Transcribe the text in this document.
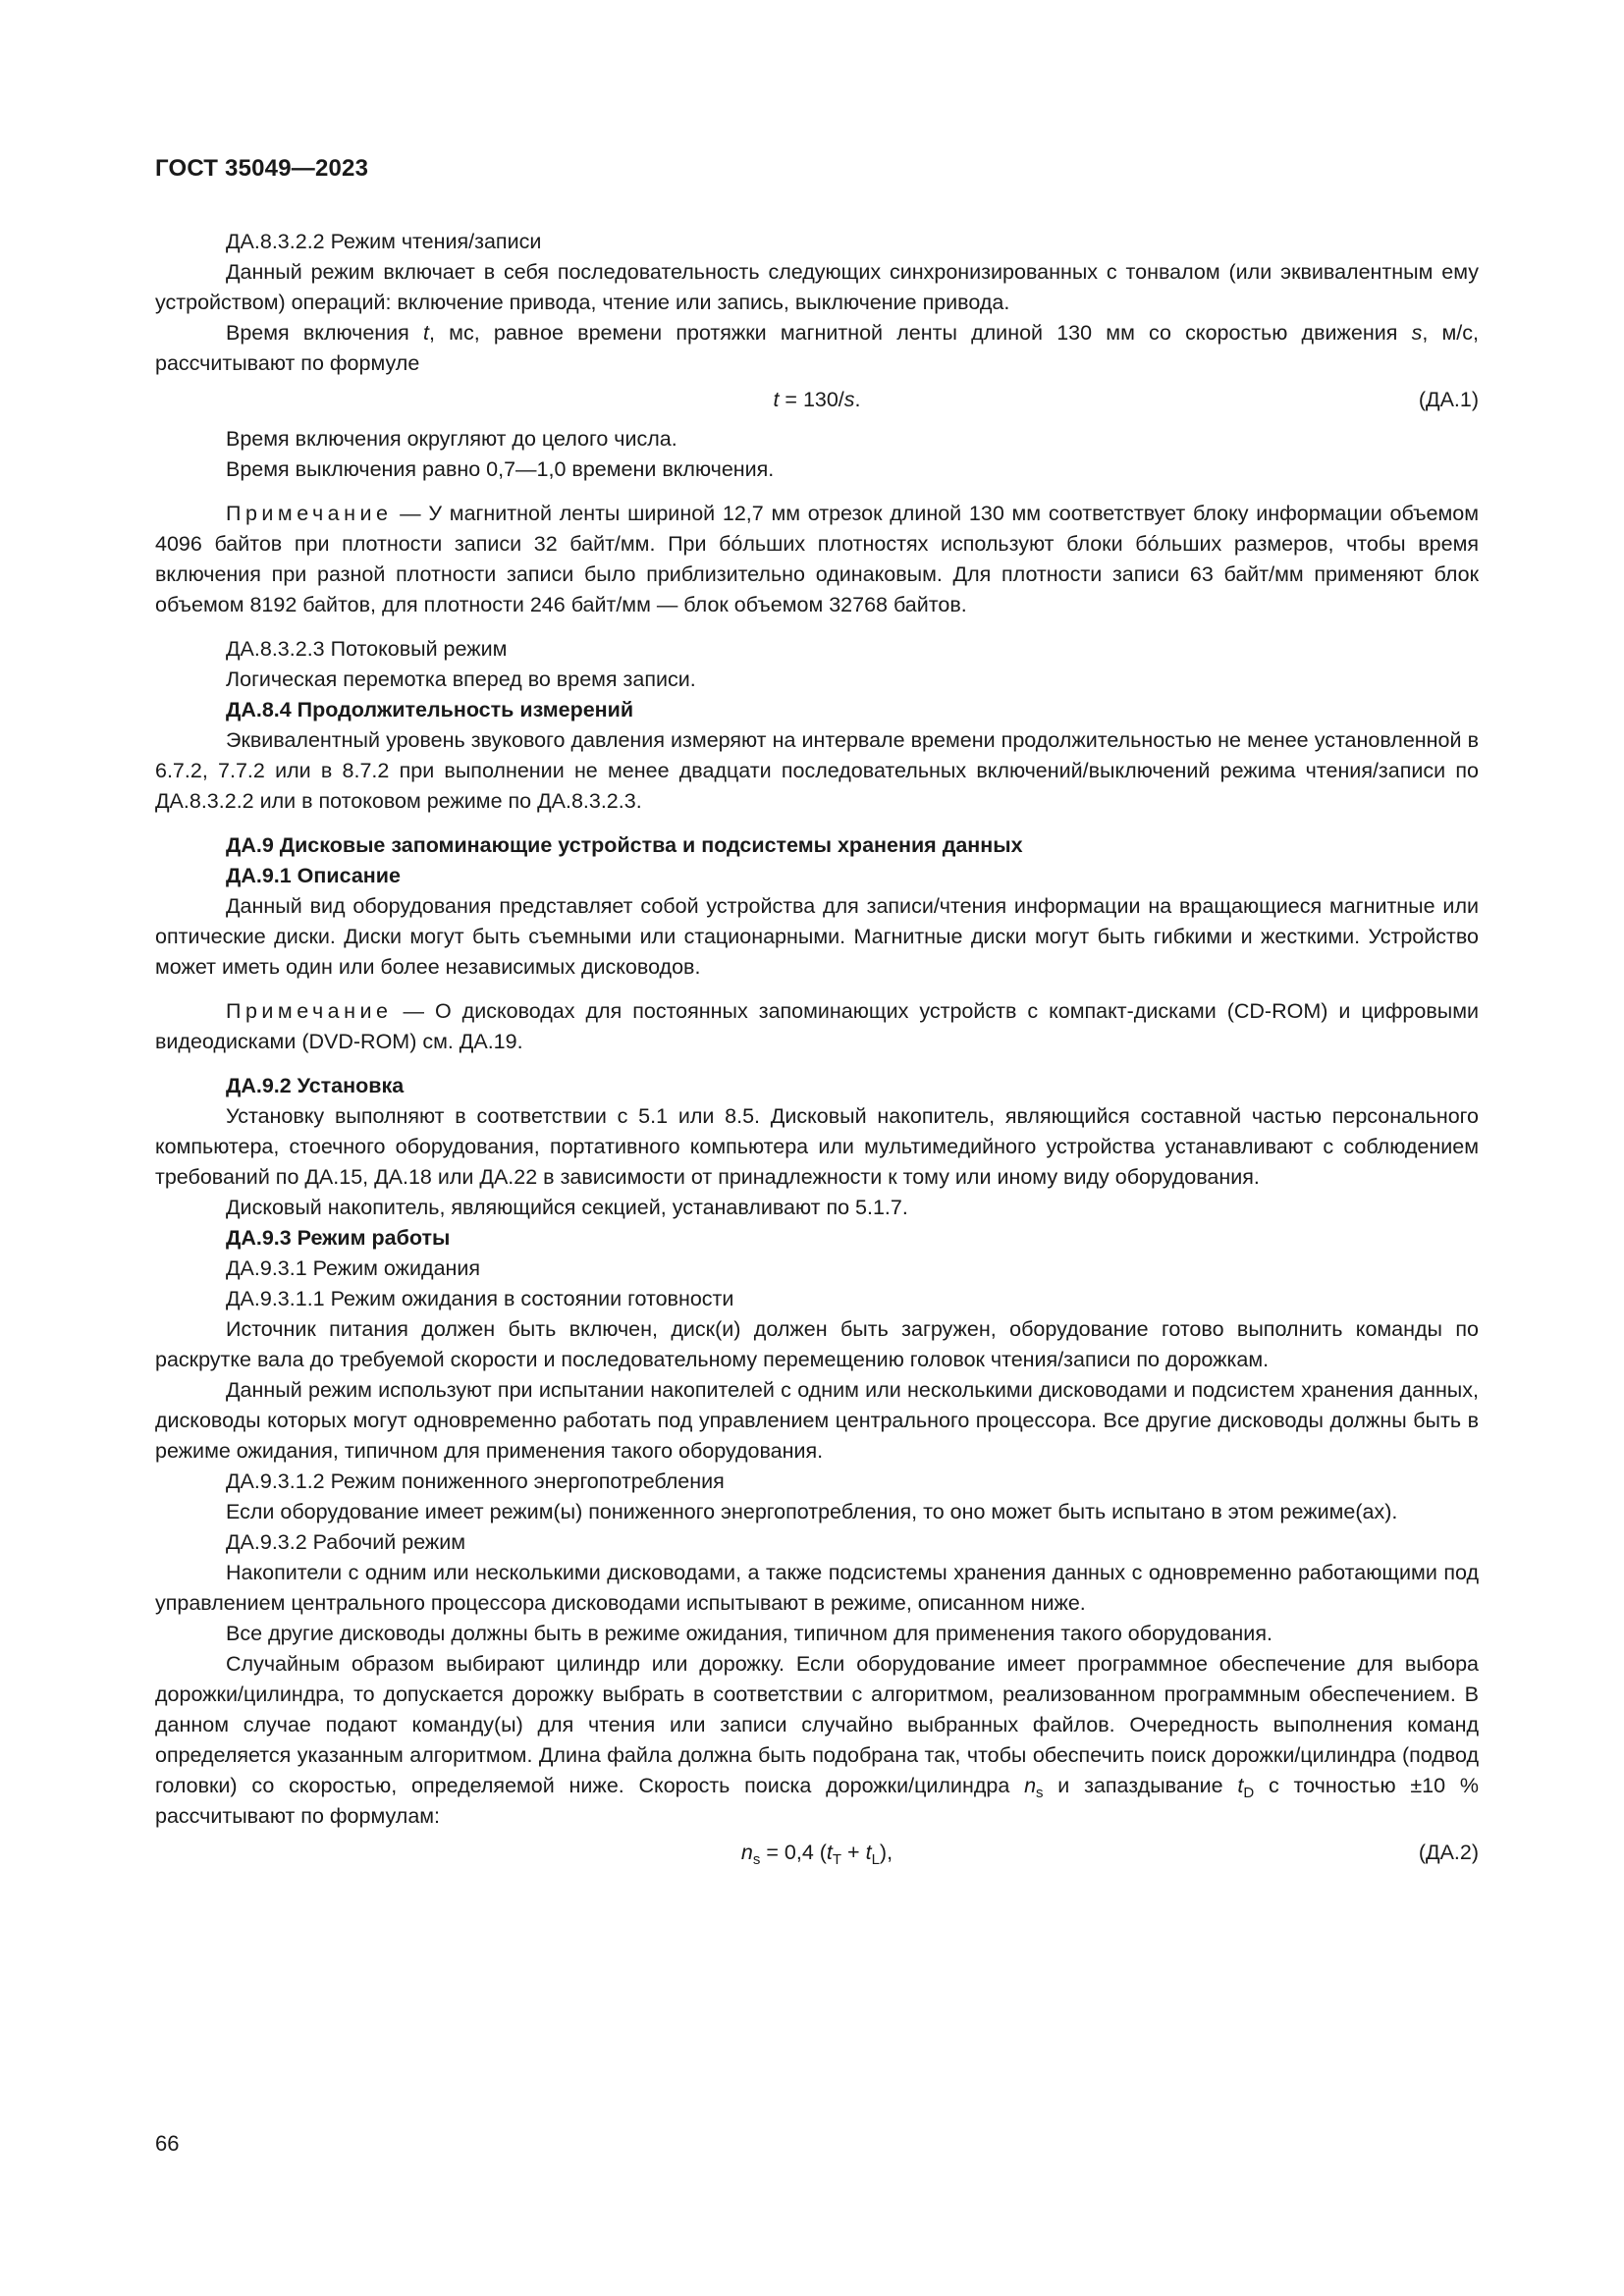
ГОСТ 35049—2023

ДА.8.3.2.2 Режим чтения/записи

Данный режим включает в себя последовательность следующих синхронизированных с тонвалом (или эквивалентным ему устройством) операций: включение привода, чтение или запись, выключение привода.

Время включения t, мс, равное времени протяжки магнитной ленты длиной 130 мм со скоростью движения s, м/с, рассчитывают по формуле

t = 130/s.	(ДА.1)

Время включения округляют до целого числа.

Время выключения равно 0,7—1,0 времени включения.

Примечание — У магнитной ленты шириной 12,7 мм отрезок длиной 130 мм соответствует блоку информации объемом 4096 байтов при плотности записи 32 байт/мм. При бóльших плотностях используют блоки бóльших размеров, чтобы время включения при разной плотности записи было приблизительно одинаковым. Для плотности записи 63 байт/мм применяют блок объемом 8192 байтов, для плотности 246 байт/мм — блок объемом 32768 байтов.

ДА.8.3.2.3 Потоковый режим

Логическая перемотка вперед во время записи.

ДА.8.4 Продолжительность измерений

Эквивалентный уровень звукового давления измеряют на интервале времени продолжительностью не менее установленной в 6.7.2, 7.7.2 или в 8.7.2 при выполнении не менее двадцати последовательных включений/выключений режима чтения/записи по ДА.8.3.2.2 или в потоковом режиме по ДА.8.3.2.3.

ДА.9 Дисковые запоминающие устройства и подсистемы хранения данных

ДА.9.1 Описание

Данный вид оборудования представляет собой устройства для записи/чтения информации на вращающиеся магнитные или оптические диски. Диски могут быть съемными или стационарными. Магнитные диски могут быть гибкими и жесткими. Устройство может иметь один или более независимых дисководов.

Примечание — О дисководах для постоянных запоминающих устройств с компакт-дисками (CD-ROM) и цифровыми видеодисками (DVD-ROM) см. ДА.19.

ДА.9.2 Установка

Установку выполняют в соответствии с 5.1 или 8.5. Дисковый накопитель, являющийся составной частью персонального компьютера, стоечного оборудования, портативного компьютера или мультимедийного устройства устанавливают с соблюдением требований по ДА.15, ДА.18 или ДА.22 в зависимости от принадлежности к тому или иному виду оборудования.

Дисковый накопитель, являющийся секцией, устанавливают по 5.1.7.

ДА.9.3 Режим работы

ДА.9.3.1 Режим ожидания

ДА.9.3.1.1 Режим ожидания в состоянии готовности

Источник питания должен быть включен, диск(и) должен быть загружен, оборудование готово выполнить команды по раскрутке вала до требуемой скорости и последовательному перемещению головок чтения/записи по дорожкам.

Данный режим используют при испытании накопителей с одним или несколькими дисководами и подсистем хранения данных, дисководы которых могут одновременно работать под управлением центрального процессора. Все другие дисководы должны быть в режиме ожидания, типичном для применения такого оборудования.

ДА.9.3.1.2 Режим пониженного энергопотребления

Если оборудование имеет режим(ы) пониженного энергопотребления, то оно может быть испытано в этом режиме(ах).

ДА.9.3.2 Рабочий режим

Накопители с одним или несколькими дисководами, а также подсистемы хранения данных с одновременно работающими под управлением центрального процессора дисководами испытывают в режиме, описанном ниже.

Все другие дисководы должны быть в режиме ожидания, типичном для применения такого оборудования.

Случайным образом выбирают цилиндр или дорожку. Если оборудование имеет программное обеспечение для выбора дорожки/цилиндра, то допускается дорожку выбрать в соответствии с алгоритмом, реализованном программным обеспечением. В данном случае подают команду(ы) для чтения или записи случайно выбранных файлов. Очередность выполнения команд определяется указанным алгоритмом. Длина файла должна быть подобрана так, чтобы обеспечить поиск дорожки/цилиндра (подвод головки) со скоростью, определяемой ниже. Скорость поиска дорожки/цилиндра $n_s$ и запаздывание $t_D$ с точностью ±10 % рассчитывают по формулам:

$n_s = 0,4$ $(t_T + t_L)$,	(ДА.2)

66
